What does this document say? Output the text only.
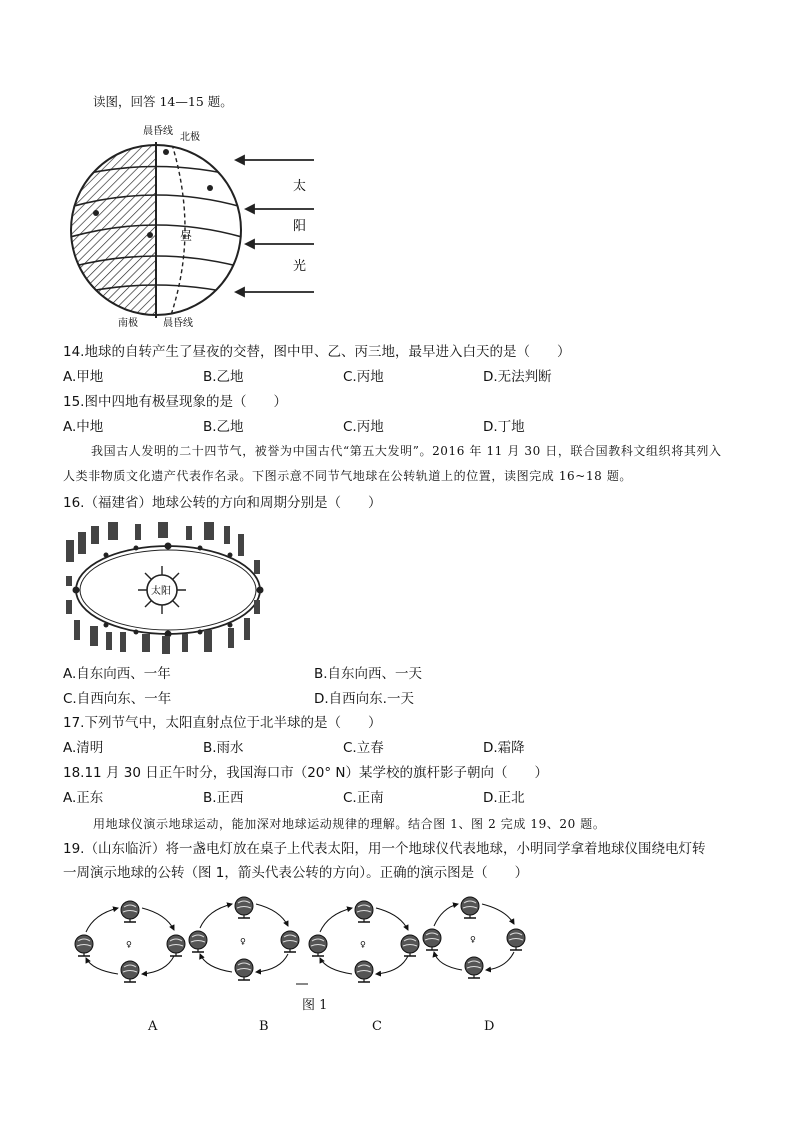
读图，回答 14—15 题。
晨昏线
北极
南极	晨昏线
昼
太
阳
光
14.地球的自转产生了昼夜的交替，图中甲、乙、丙三地，最早进入白天的是（　　）
A.甲地	B.乙地	C.丙地	D.无法判断
15.图中四地有极昼现象的是（　　）
A.中地	B.乙地	C.丙地	D.丁地
我国古人发明的二十四节气，被誉为中国古代“第五大发明”。2016 年 11 月 30 日，联合国教科文组织将其列入人类非物质文化遗产代表作名录。下图示意不同节气地球在公转轨道上的位置，读图完成 16~18 题。
16.（福建省）地球公转的方向和周期分别是（　　）
太阳
A.自东向西、一年	B.自东向西、一天
C.自西向东、一年	D.自西向东.一天
17.下列节气中，太阳直射点位于北半球的是（　　）
A.清明	B.雨水	C.立春	D.霜降
18.11 月 30 日正午时分，我国海口市（20° N）某学校的旗杆影子朝向（　　）
A.正东	B.正西	C.正南	D.正北
用地球仪演示地球运动，能加深对地球运动规律的理解。结合图 1、图 2 完成 19、20 题。
19.（山东临沂）将一盏电灯放在桌子上代表太阳，用一个地球仪代表地球，小明同学拿着地球仪围绕电灯转
一周演示地球的公转（图 1，箭头代表公转的方向）。正确的演示图是（　　）
♀	♀	♀
♀
图 1
A	B	C	D
